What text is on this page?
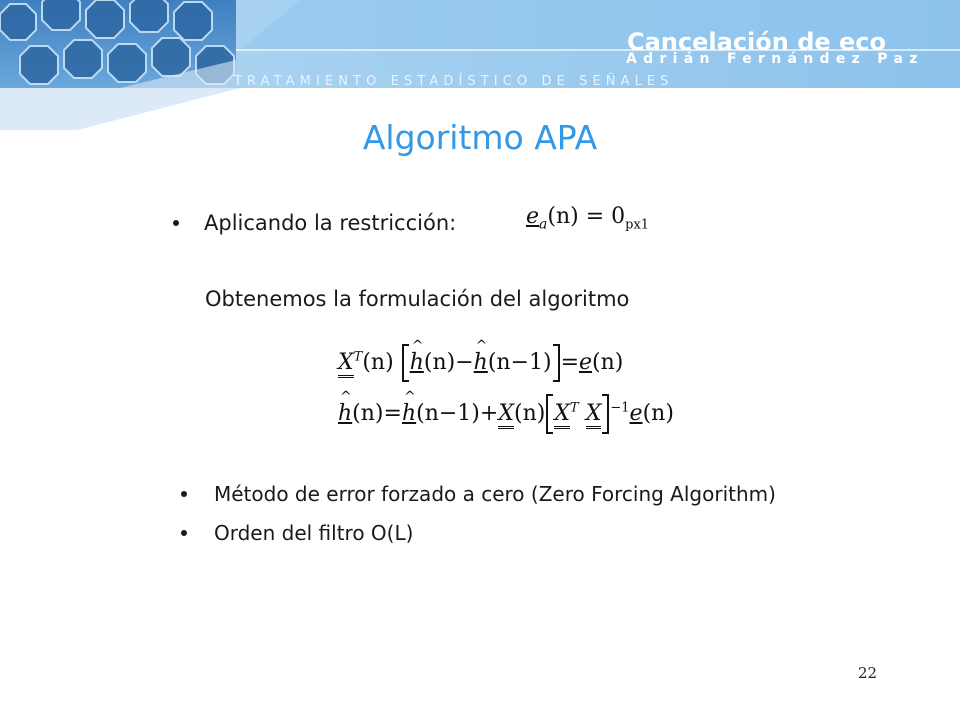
Cancelación de eco
Adrián Fernández Paz
TRATAMIENTO ESTADÍSTICO DE SEÑALES
Algoritmo APA
Aplicando la restricción:	$e_a(n) = 0_{px1}$
Obtenemos la formulación del algoritmo
$X^T(n)$ h
^
(n)−h
^
(n−1) =e(n)
h
^
(n)=h
^
(n−1)+X(n) $X^T$ X $^{-1}$e(n)
Método de error forzado a cero (Zero Forcing Algorithm)
Orden del filtro O(L)
22
